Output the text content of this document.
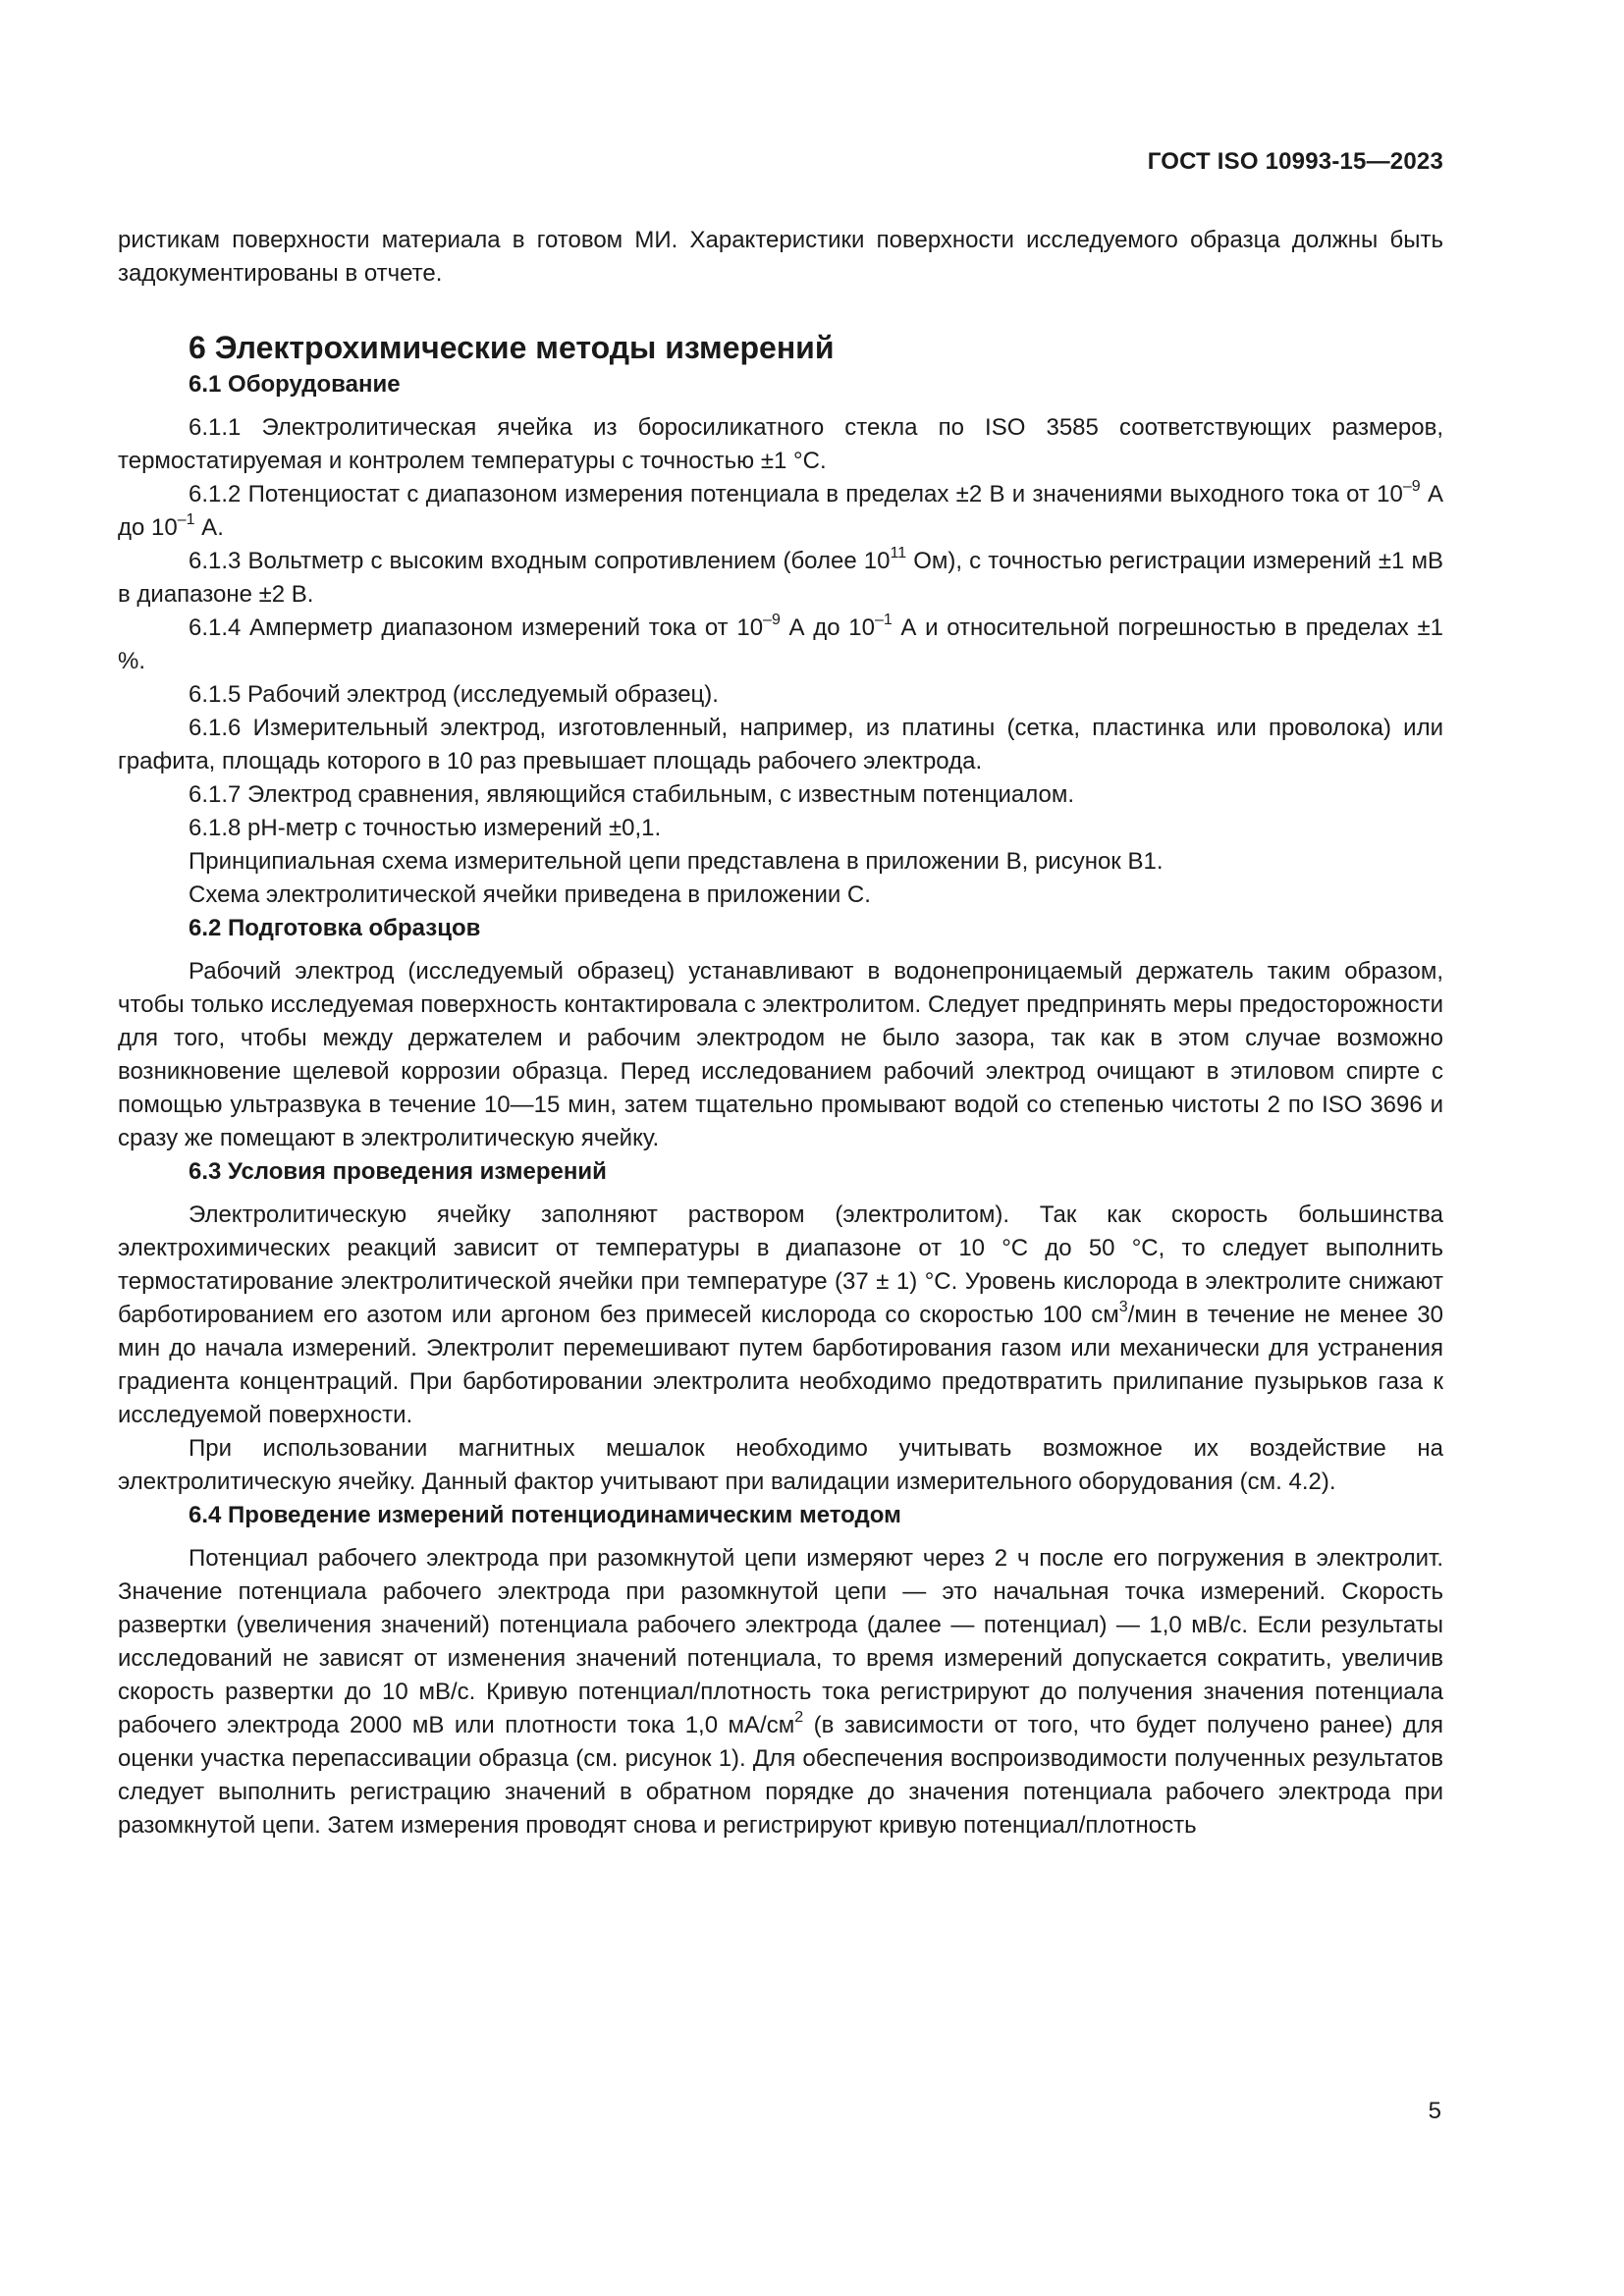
ГОСТ ISO 10993-15—2023

ристикам поверхности материала в готовом МИ. Характеристики поверхности исследуемого образца должны быть задокументированы в отчете.

6 Электрохимические методы измерений
6.1 Оборудование

6.1.1 Электролитическая ячейка из боросиликатного стекла по ISO 3585 соответствующих размеров, термостатируемая и контролем температуры с точностью ±1 °С.

6.1.2 Потенциостат с диапазоном измерения потенциала в пределах ±2 В и значениями выходного тока от $10^{-9}$ А до $10^{-1}$ А.

6.1.3 Вольтметр с высоким входным сопротивлением (более $10^{11}$ Ом), с точностью регистрации измерений ±1 мВ в диапазоне ±2 В.

6.1.4 Амперметр диапазоном измерений тока от $10^{-9}$ А до $10^{-1}$ А и относительной погрешностью в пределах ±1 %.

6.1.5 Рабочий электрод (исследуемый образец).

6.1.6 Измерительный электрод, изготовленный, например, из платины (сетка, пластинка или проволока) или графита, площадь которого в 10 раз превышает площадь рабочего электрода.

6.1.7 Электрод сравнения, являющийся стабильным, с известным потенциалом.

6.1.8 рН-метр с точностью измерений ±0,1.

Принципиальная схема измерительной цепи представлена в приложении В, рисунок В1.

Схема электролитической ячейки приведена в приложении С.

6.2 Подготовка образцов

Рабочий электрод (исследуемый образец) устанавливают в водонепроницаемый держатель таким образом, чтобы только исследуемая поверхность контактировала с электролитом. Следует предпринять меры предосторожности для того, чтобы между держателем и рабочим электродом не было зазора, так как в этом случае возможно возникновение щелевой коррозии образца. Перед исследованием рабочий электрод очищают в этиловом спирте с помощью ультразвука в течение 10—15 мин, затем тщательно промывают водой со степенью чистоты 2 по ISO 3696 и сразу же помещают в электролитическую ячейку.

6.3 Условия проведения измерений

Электролитическую ячейку заполняют раствором (электролитом). Так как скорость большинства электрохимических реакций зависит от температуры в диапазоне от 10 °С до 50 °С, то следует выполнить термостатирование электролитической ячейки при температуре (37 ± 1) °С. Уровень кислорода в электролите снижают барботированием его азотом или аргоном без примесей кислорода со скоростью 100 $см^3$/мин в течение не менее 30 мин до начала измерений. Электролит перемешивают путем барботирования газом или механически для устранения градиента концентраций. При барботировании электролита необходимо предотвратить прилипание пузырьков газа к исследуемой поверхности.

При использовании магнитных мешалок необходимо учитывать возможное их воздействие на электролитическую ячейку. Данный фактор учитывают при валидации измерительного оборудования (см. 4.2).

6.4 Проведение измерений потенциодинамическим методом

Потенциал рабочего электрода при разомкнутой цепи измеряют через 2 ч после его погружения в электролит. Значение потенциала рабочего электрода при разомкнутой цепи — это начальная точка измерений. Скорость развертки (увеличения значений) потенциала рабочего электрода (далее — потенциал) — 1,0 мВ/с. Если результаты исследований не зависят от изменения значений потенциала, то время измерений допускается сократить, увеличив скорость развертки до 10 мВ/с. Кривую потенциал/плотность тока регистрируют до получения значения потенциала рабочего электрода 2000 мВ или плотности тока 1,0 $мА/см^2$ (в зависимости от того, что будет получено ранее) для оценки участка перепассивации образца (см. рисунок 1). Для обеспечения воспроизводимости полученных результатов следует выполнить регистрацию значений в обратном порядке до значения потенциала рабочего электрода при разомкнутой цепи. Затем измерения проводят снова и регистрируют кривую потенциал/плотность

5
